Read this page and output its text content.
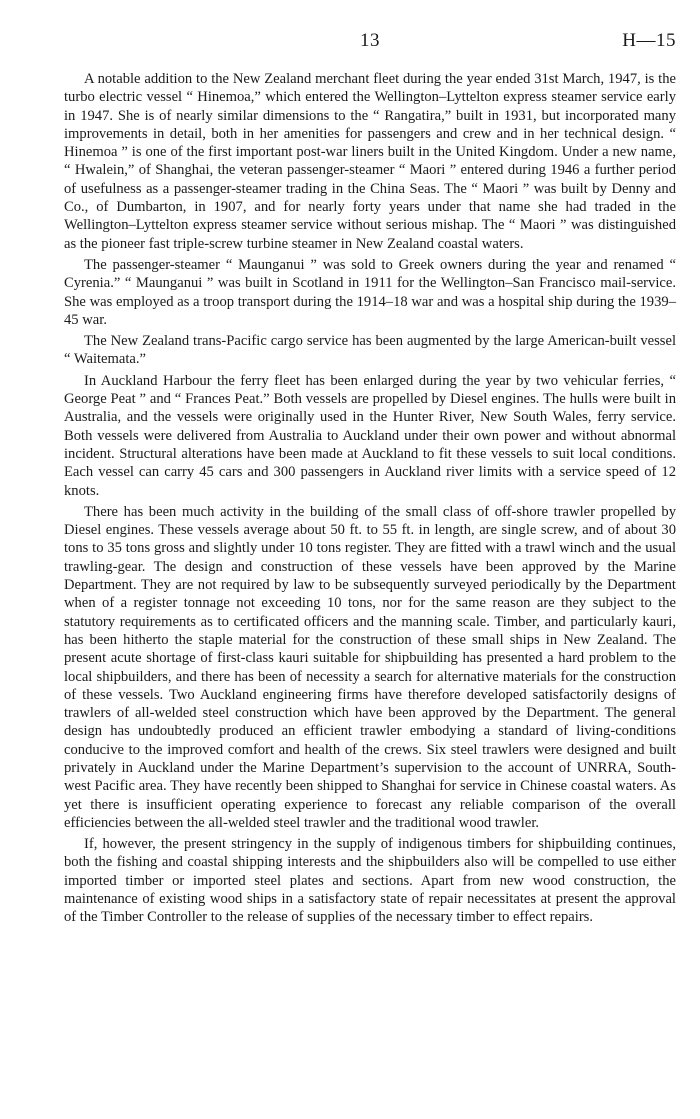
13	H—15

A notable addition to the New Zealand merchant fleet during the year ended 31st March, 1947, is the turbo electric vessel “ Hinemoa,” which entered the Wellington–Lyttelton express steamer service early in 1947. She is of nearly similar dimensions to the “ Rangatira,” built in 1931, but incorporated many improvements in detail, both in her amenities for passengers and crew and in her technical design. “ Hinemoa ” is one of the first important post-war liners built in the United Kingdom. Under a new name, “ Hwalein,” of Shanghai, the veteran passenger-steamer “ Maori ” entered during 1946 a further period of usefulness as a passenger-steamer trading in the China Seas. The “ Maori ” was built by Denny and Co., of Dumbarton, in 1907, and for nearly forty years under that name she had traded in the Wellington–Lyttelton express steamer service without serious mishap. The “ Maori ” was distinguished as the pioneer fast triple-screw turbine steamer in New Zealand coastal waters.

The passenger-steamer “ Maunganui ” was sold to Greek owners during the year and renamed “ Cyrenia.” “ Maunganui ” was built in Scotland in 1911 for the Wellington–San Francisco mail-service. She was employed as a troop transport during the 1914–18 war and was a hospital ship during the 1939–45 war.

The New Zealand trans-Pacific cargo service has been augmented by the large American-built vessel “ Waitemata.”

In Auckland Harbour the ferry fleet has been enlarged during the year by two vehicular ferries, “ George Peat ” and “ Frances Peat.” Both vessels are propelled by Diesel engines. The hulls were built in Australia, and the vessels were originally used in the Hunter River, New South Wales, ferry service. Both vessels were delivered from Australia to Auckland under their own power and without abnormal incident. Structural alterations have been made at Auckland to fit these vessels to suit local conditions. Each vessel can carry 45 cars and 300 passengers in Auckland river limits with a service speed of 12 knots.

There has been much activity in the building of the small class of off-shore trawler propelled by Diesel engines. These vessels average about 50 ft. to 55 ft. in length, are single screw, and of about 30 tons to 35 tons gross and slightly under 10 tons register. They are fitted with a trawl winch and the usual trawling-gear. The design and construction of these vessels have been approved by the Marine Department. They are not required by law to be subsequently surveyed periodically by the Department when of a register tonnage not exceeding 10 tons, nor for the same reason are they subject to the statutory requirements as to certificated officers and the manning scale. Timber, and particularly kauri, has been hitherto the staple material for the construction of these small ships in New Zealand. The present acute shortage of first-class kauri suitable for shipbuilding has presented a hard problem to the local shipbuilders, and there has been of necessity a search for alternative materials for the construction of these vessels. Two Auckland engineering firms have therefore developed satisfactorily designs of trawlers of all-welded steel construction which have been approved by the Department. The general design has undoubtedly produced an efficient trawler embodying a standard of living-conditions conducive to the improved comfort and health of the crews. Six steel trawlers were designed and built privately in Auckland under the Marine Department’s supervision to the account of UNRRA, South-west Pacific area. They have recently been shipped to Shanghai for service in Chinese coastal waters. As yet there is insufficient operating experience to forecast any reliable comparison of the overall efficiencies between the all-welded steel trawler and the traditional wood trawler.

If, however, the present stringency in the supply of indigenous timbers for shipbuilding continues, both the fishing and coastal shipping interests and the shipbuilders also will be compelled to use either imported timber or imported steel plates and sections. Apart from new wood construction, the maintenance of existing wood ships in a satisfactory state of repair necessitates at present the approval of the Timber Controller to the release of supplies of the necessary timber to effect repairs.
